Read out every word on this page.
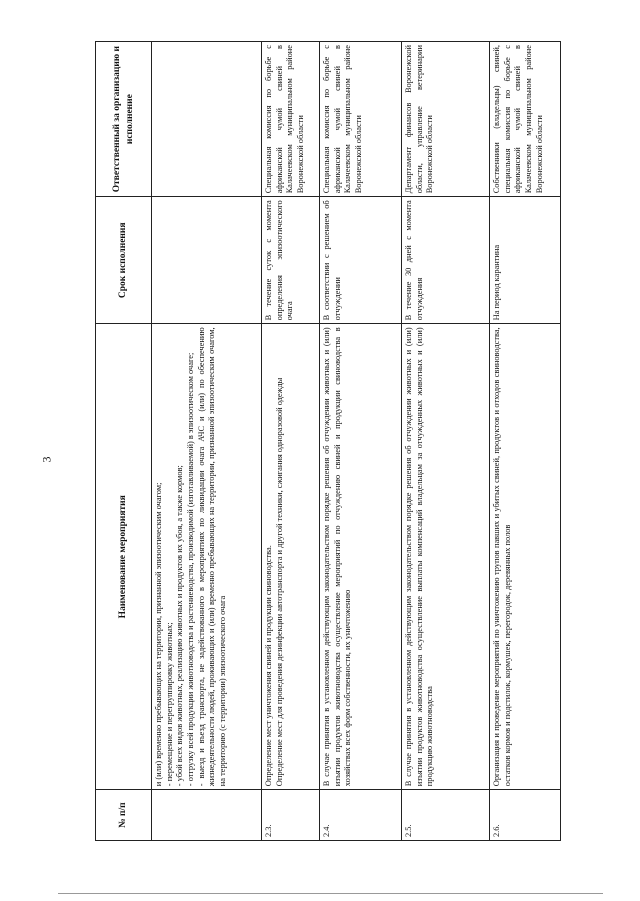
3
№ п/п	Наименование мероприятия	Срок исполнения	Ответственный за организацию и исполнение

	и (или) временно пребывающих на территории, признанной эпизоотическим очагом; - перемещение и перегруппировку животных; - убой всех видов животных, реализацию животных и продуктов их убоя, а также кормов; - отгрузку всей продукции животноводства и растениеводства, производимой (изготавливаемой) в эпизоотическом очаге; - выезд и въезд транспорта, не задействованного в мероприятиях по ликвидации очага АЧС и (или) по обеспечению жизнедеятельности людей, проживающих и (или) временно пребывающих на территории, признанной эпизоотическим очагом, на территорию (с территории) эпизоотического очага		

2.3.	Определение мест уничтожения свиней и продукции свиноводства. Определение мест для проведения дезинфекции автотранспорта и другой техники, сжигания одноразовой одежды	В течение суток с момента определения эпизоотического очага	Специальная комиссия по борьбе с африканской чумой свиней в Калачеевском муниципальном районе Воронежской области
2.4.	В случае принятия в установленном действующим законодательством порядке решения об отчуждении животных и (или) изъятии продуктов животноводства осуществление мероприятий по отчуждению свиней и продукции свиноводства в хозяйствах всех форм собственности, их уничтожению	В соответствии с решением об отчуждении	Специальная комиссия по борьбе с африканской чумой свиней в Калачеевском муниципальном районе Воронежской области
2.5.	В случае принятия в установленном действующим законодательством порядке решения об отчуждении животных и (или) изъятии продуктов животноводства осуществление выплаты компенсаций владельцам за отчужденных животных и (или) продукцию животноводства	В течение 30 дней с момента отчуждения	Департамент финансов Воронежской области, управление ветеринарии Воронежской области
2.6.	Организация и проведение мероприятий по уничтожению трупов павших и убитых свиней, продуктов и отходов свиноводства, остатков кормов и подстилок, кормушек, перегородок, деревянных полов	На период карантина	Собственники (владельцы) свиней, специальная комиссия по борьбе с африканской чумой свиней в Калачеевском муниципальном районе Воронежской области
